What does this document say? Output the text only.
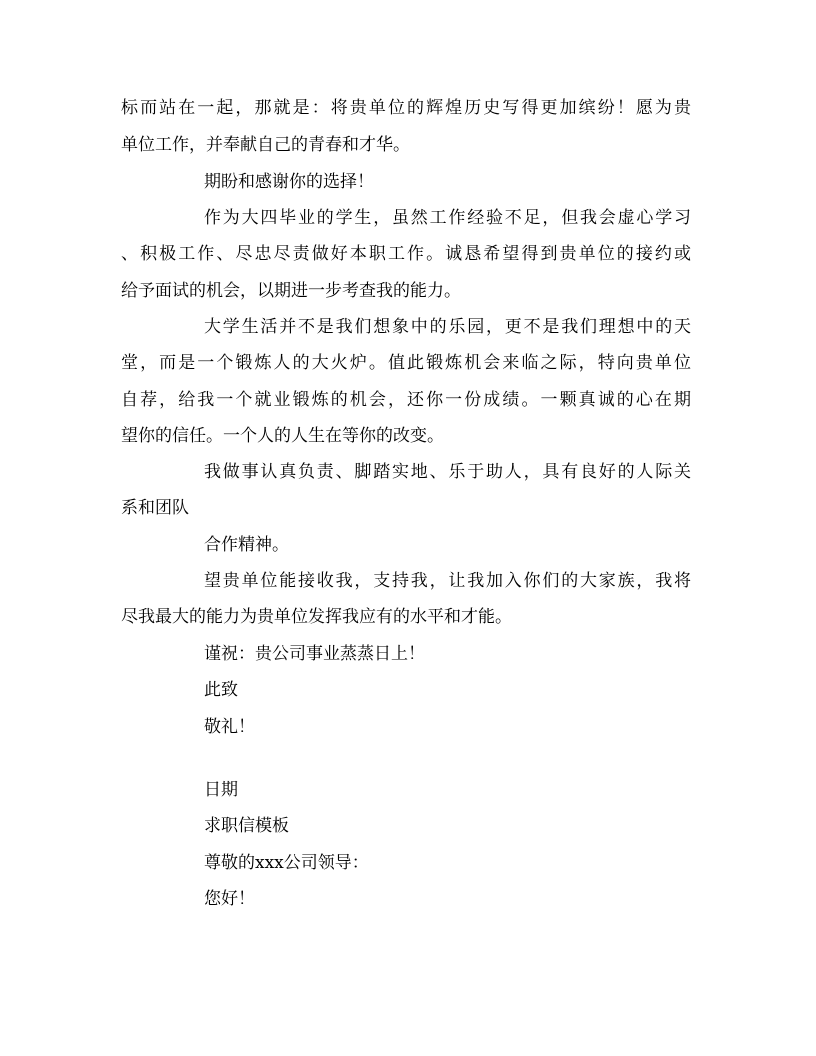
标而站在一起，那就是：将贵单位的辉煌历史写得更加缤纷！愿为贵
单位工作，并奉献自己的青春和才华。
期盼和感谢你的选择！
作为大四毕业的学生，虽然工作经验不足，但我会虚心学习
、积极工作、尽忠尽责做好本职工作。诚恳希望得到贵单位的接约或
给予面试的机会，以期进一步考查我的能力。
大学生活并不是我们想象中的乐园，更不是我们理想中的天
堂，而是一个锻炼人的大火炉。值此锻炼机会来临之际，特向贵单位
自荐，给我一个就业锻炼的机会，还你一份成绩。一颗真诚的心在期
望你的信任。一个人的人生在等你的改变。
我做事认真负责、脚踏实地、乐于助人，具有良好的人际关
系和团队
合作精神。
望贵单位能接收我，支持我，让我加入你们的大家族，我将
尽我最大的能力为贵单位发挥我应有的水平和才能。
谨祝：贵公司事业蒸蒸日上！
此致
敬礼！
日期
求职信模板
尊敬的xxx公司领导：
您好！
